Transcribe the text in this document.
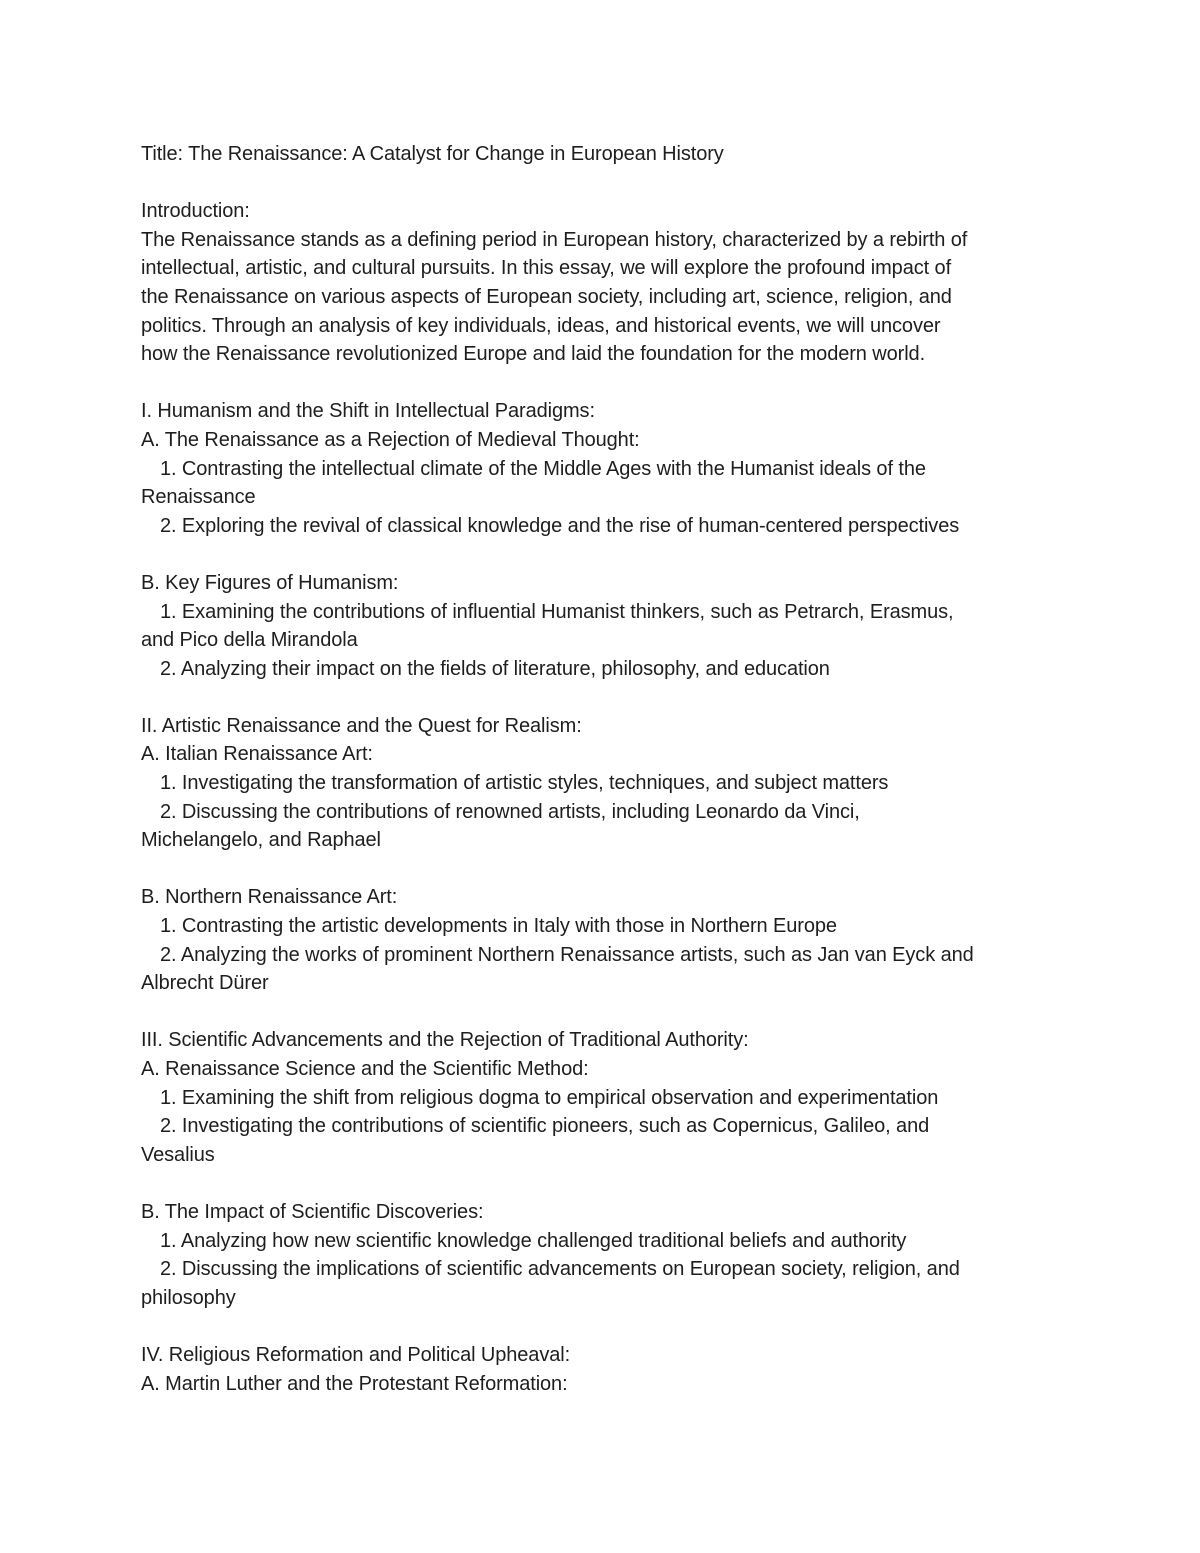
Title: The Renaissance: A Catalyst for Change in European History
Introduction:
The Renaissance stands as a defining period in European history, characterized by a rebirth of
intellectual, artistic, and cultural pursuits. In this essay, we will explore the profound impact of
the Renaissance on various aspects of European society, including art, science, religion, and
politics. Through an analysis of key individuals, ideas, and historical events, we will uncover
how the Renaissance revolutionized Europe and laid the foundation for the modern world.
I. Humanism and the Shift in Intellectual Paradigms:
A. The Renaissance as a Rejection of Medieval Thought:
1. Contrasting the intellectual climate of the Middle Ages with the Humanist ideals of the
Renaissance
2. Exploring the revival of classical knowledge and the rise of human-centered perspectives
B. Key Figures of Humanism:
1. Examining the contributions of influential Humanist thinkers, such as Petrarch, Erasmus,
and Pico della Mirandola
2. Analyzing their impact on the fields of literature, philosophy, and education
II. Artistic Renaissance and the Quest for Realism:
A. Italian Renaissance Art:
1. Investigating the transformation of artistic styles, techniques, and subject matters
2. Discussing the contributions of renowned artists, including Leonardo da Vinci,
Michelangelo, and Raphael
B. Northern Renaissance Art:
1. Contrasting the artistic developments in Italy with those in Northern Europe
2. Analyzing the works of prominent Northern Renaissance artists, such as Jan van Eyck and
Albrecht Dürer
III. Scientific Advancements and the Rejection of Traditional Authority:
A. Renaissance Science and the Scientific Method:
1. Examining the shift from religious dogma to empirical observation and experimentation
2. Investigating the contributions of scientific pioneers, such as Copernicus, Galileo, and
Vesalius
B. The Impact of Scientific Discoveries:
1. Analyzing how new scientific knowledge challenged traditional beliefs and authority
2. Discussing the implications of scientific advancements on European society, religion, and
philosophy
IV. Religious Reformation and Political Upheaval:
A. Martin Luther and the Protestant Reformation:
